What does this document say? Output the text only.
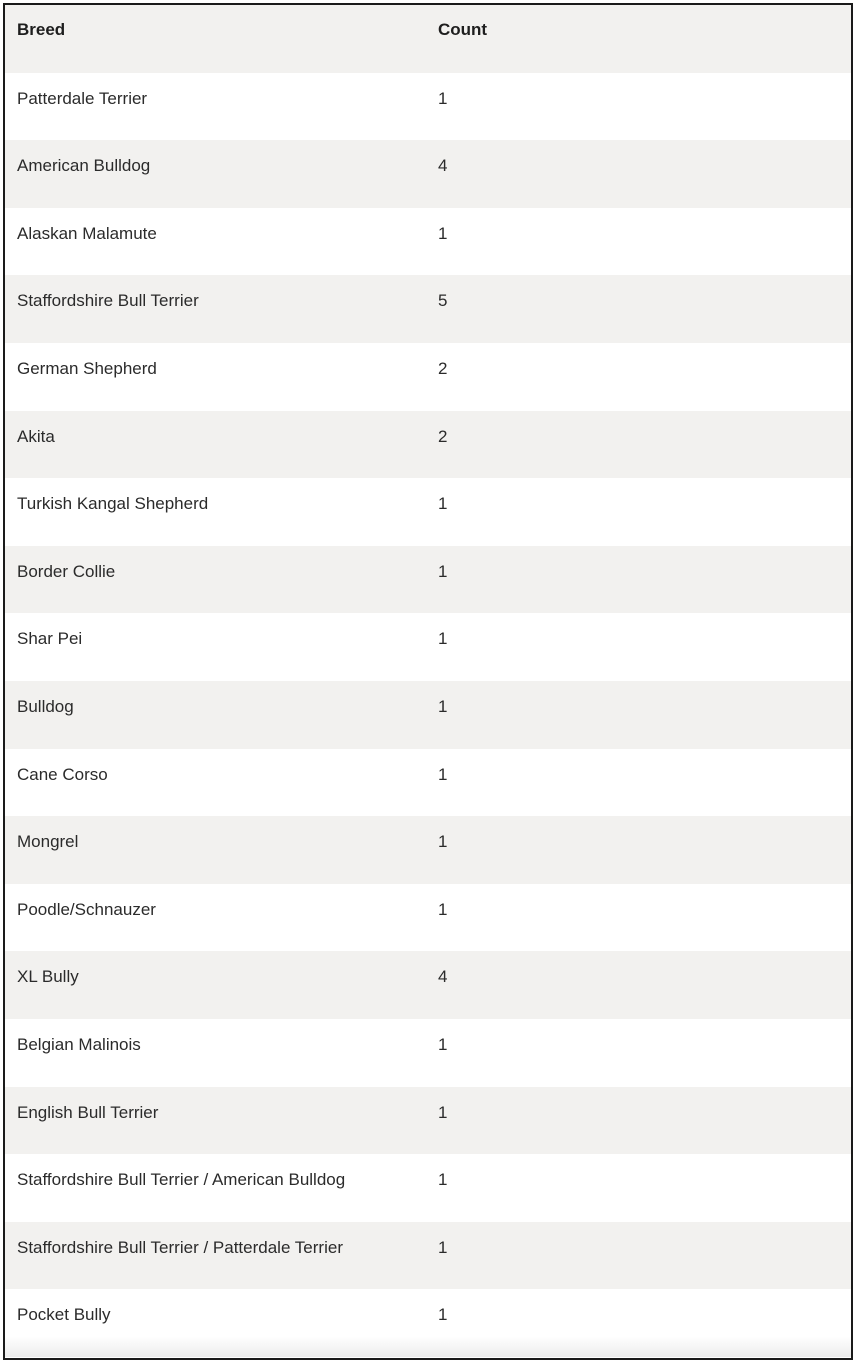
Breed	Count
Patterdale Terrier	1
American Bulldog	4
Alaskan Malamute	1
Staffordshire Bull Terrier	5
German Shepherd	2
Akita	2
Turkish Kangal Shepherd	1
Border Collie	1
Shar Pei	1
Bulldog	1
Cane Corso	1
Mongrel	1
Poodle/Schnauzer	1
XL Bully	4
Belgian Malinois	1
English Bull Terrier	1
Staffordshire Bull Terrier / American Bulldog	1
Staffordshire Bull Terrier / Patterdale Terrier	1
Pocket Bully	1
